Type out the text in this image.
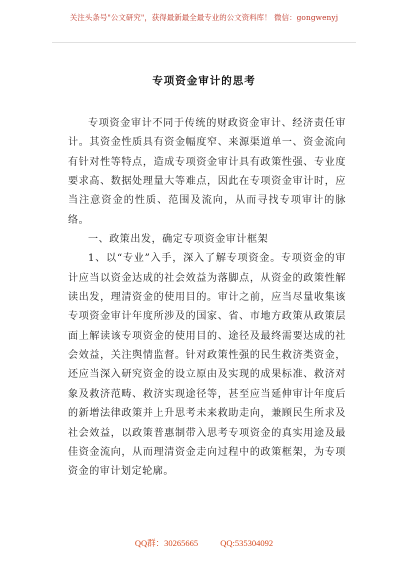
关注头条号"公文研究"，获得最新最全最专业的公文资料库！ 微信：gongwenyj
专项资金审计的思考

专项资金审计不同于传统的财政资金审计、经济责任审计。其资金性质具有资金幅度窄、来源渠道单一、资金流向有针对性等特点，造成专项资金审计具有政策性强、专业度要求高、数据处理量大等难点，因此在专项资金审计时，应当注意资金的性质、范围及流向，从而寻找专项审计的脉络。

一、政策出发，确定专项资金审计框架

1、以“专业”入手，深入了解专项资金。专项资金的审计应当以资金达成的社会效益为落脚点，从资金的政策性解读出发，理清资金的使用目的。审计之前，应当尽量收集该专项资金审计年度所涉及的国家、省、市地方政策从政策层面上解读该专项资金的使用目的、途径及最终需要达成的社会效益，关注舆情监督。针对政策性强的民生救济类资金，还应当深入研究资金的设立原由及实现的成果标准、救济对象及救济范畴、救济实现途径等，甚至应当延伸审计年度后的新增法律政策并上升思考未来救助走向，兼顾民生所求及社会效益，以政策普惠制带入思考专项资金的真实用途及最佳资金流向，从而理清资金走向过程中的政策框架，为专项资金的审计划定轮廓。

QQ群：30265665	QQ:535304092
